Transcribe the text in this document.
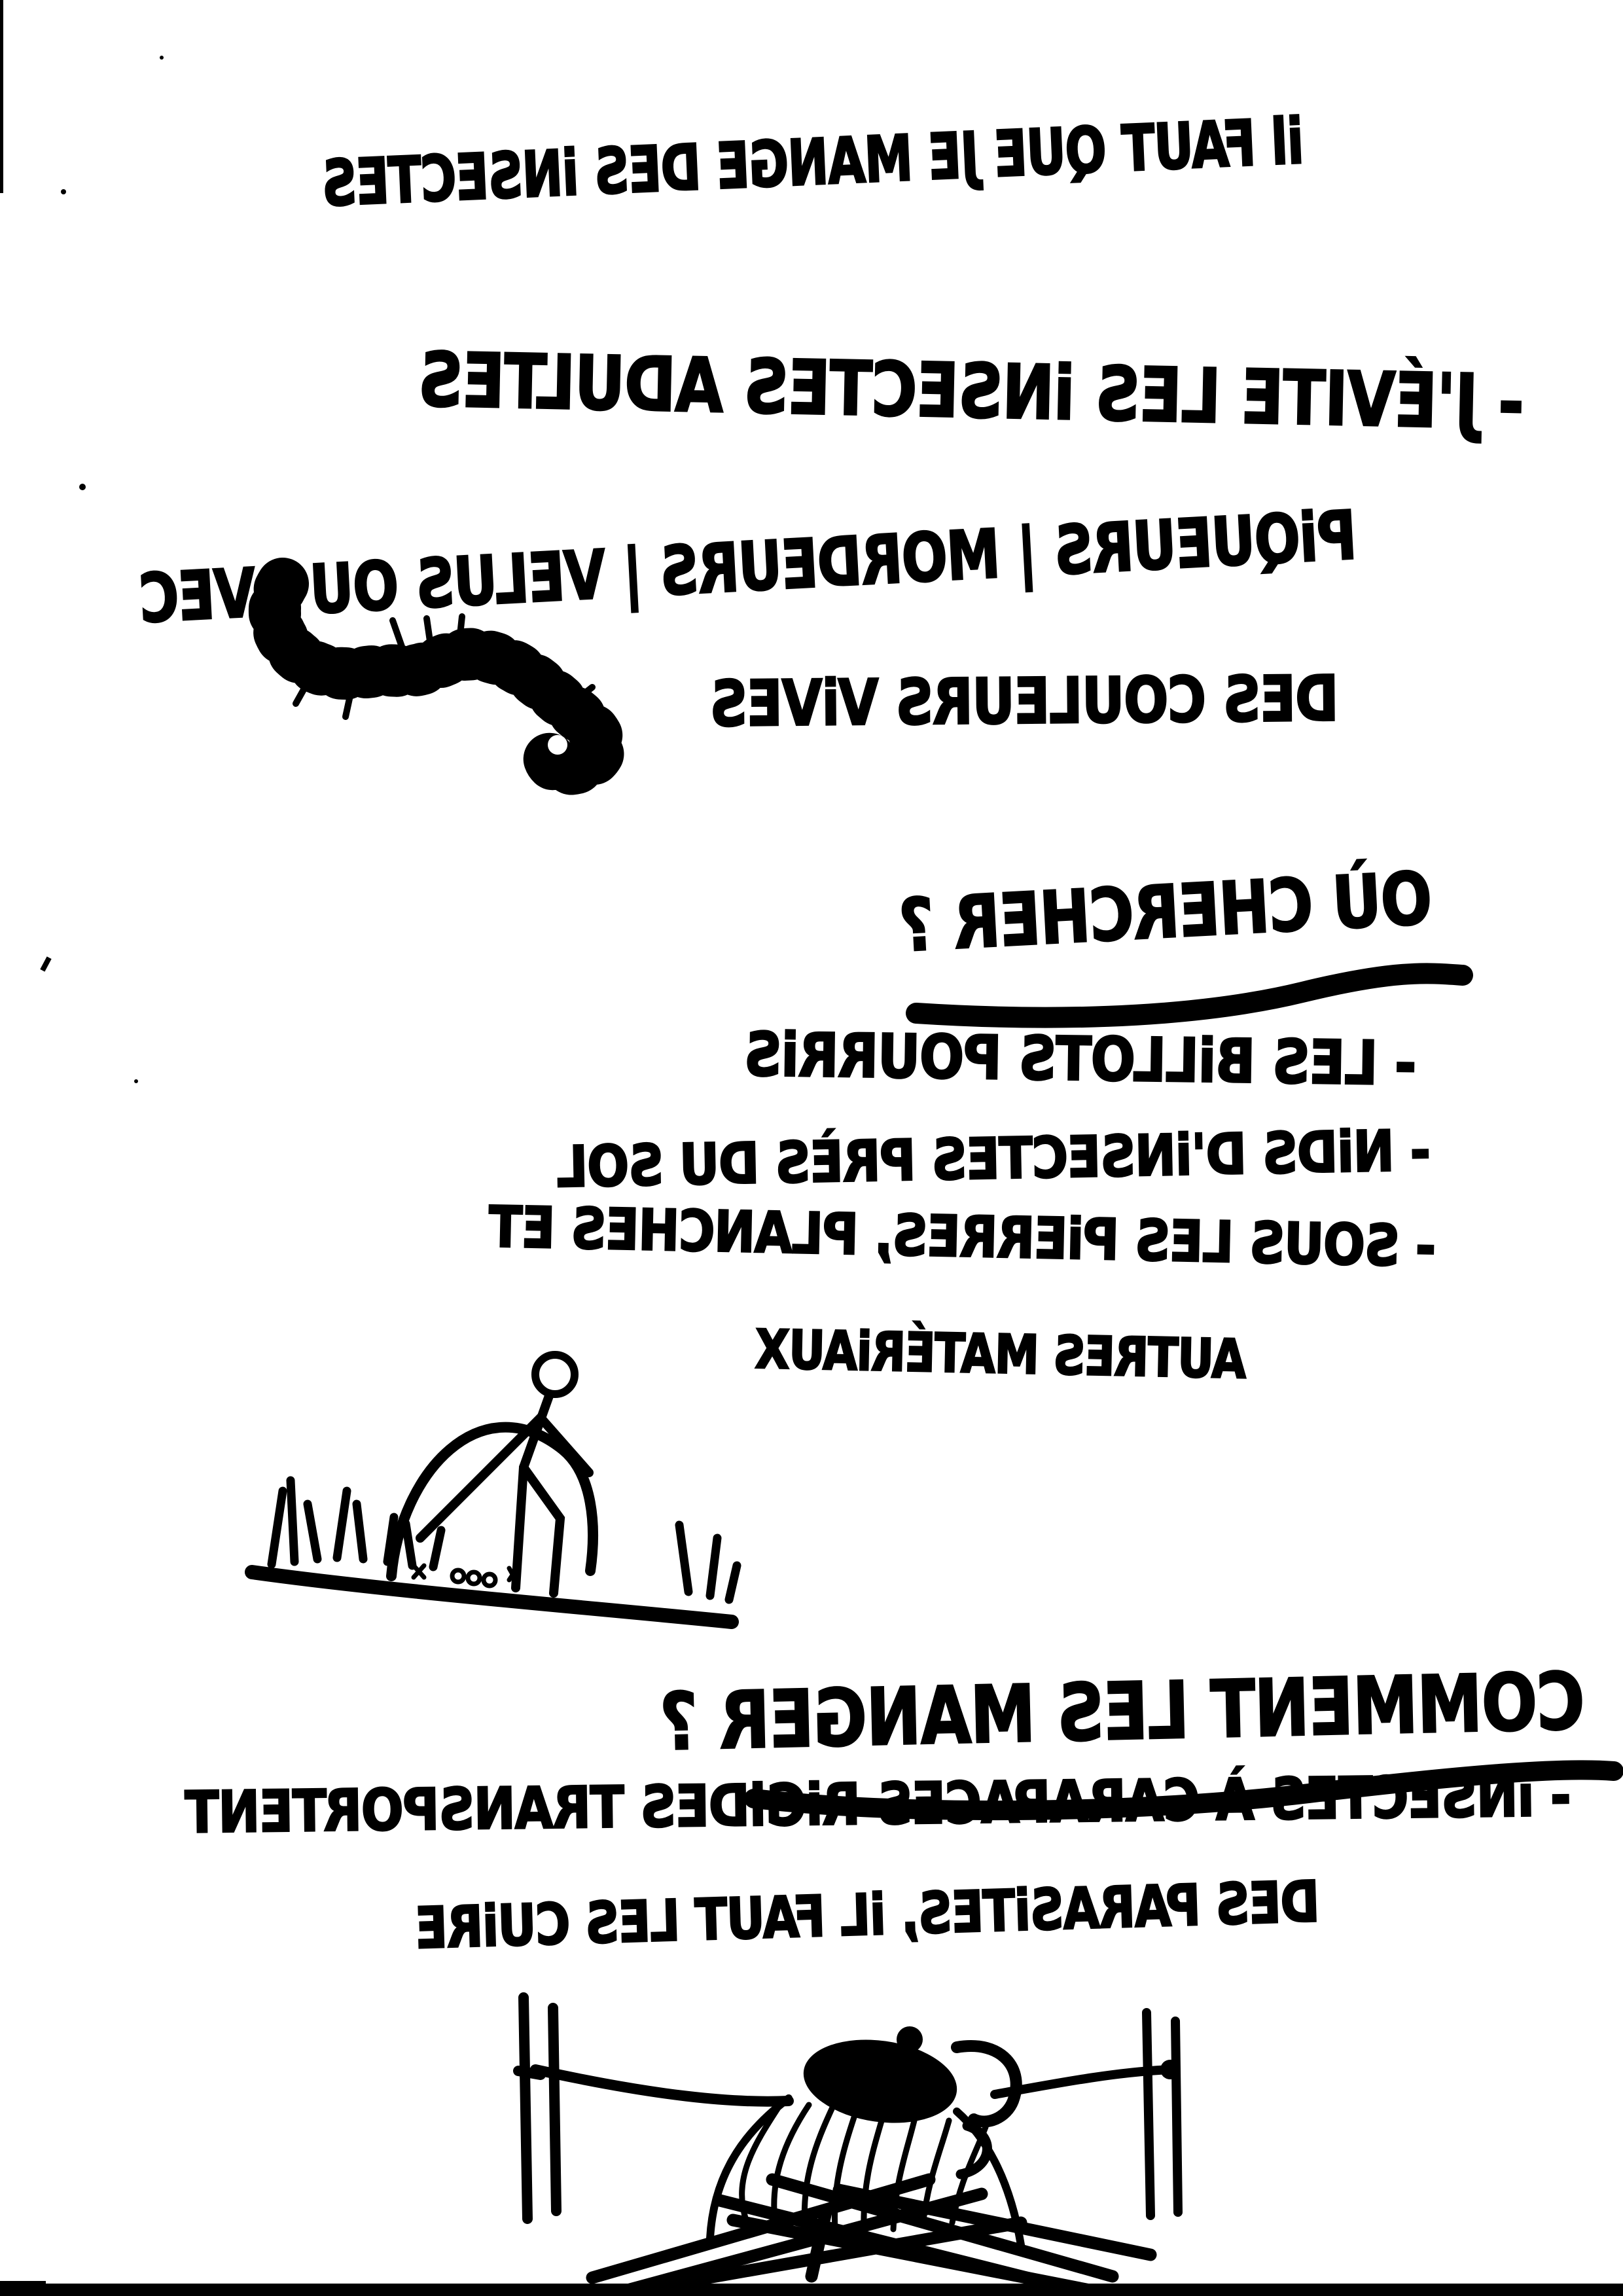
il FAUT QUE JE MANGE DES iNSECTES
- J'ÉVITE LES iNSECTES ADULTES
PiQUEURS | MORDEURS | VELUS OU AVEC
DES COULEURS ViVES
OÙ CHERCHER ?
- LES BiLLOTS POURRiS
- NiDS D'iNSECTES PRÈS DU SOL
- SOUS LES PiERRES, PLANCHES ET
AUTRES MATÉRiAUX
COMMENT LES MANGER ?
- iNSECTES À CARAPACES RiGiDES TRANSPORTENT
DES PARASiTES, iL FAUT LES CUiRE
